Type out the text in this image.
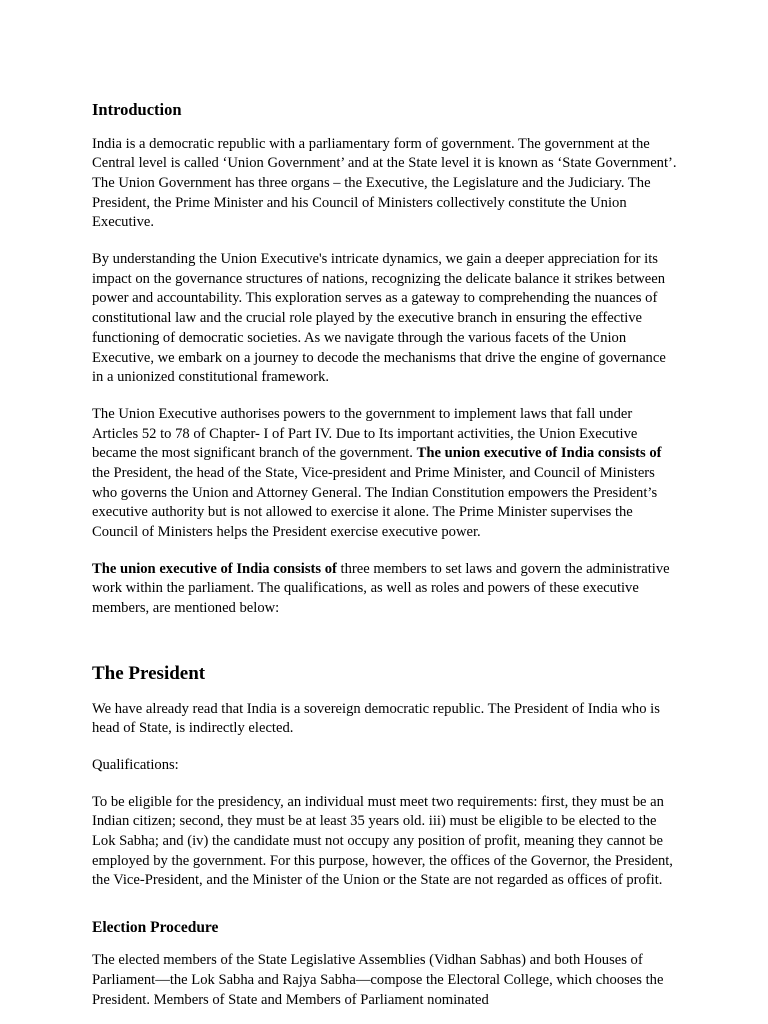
Introduction

India is a democratic republic with a parliamentary form of government. The government at the Central level is called ‘Union Government’ and at the State level it is known as ‘State Government’. The Union Government has three organs – the Executive, the Legislature and the Judiciary. The President, the Prime Minister and his Council of Ministers collectively constitute the Union Executive.

By understanding the Union Executive's intricate dynamics, we gain a deeper appreciation for its impact on the governance structures of nations, recognizing the delicate balance it strikes between power and accountability. This exploration serves as a gateway to comprehending the nuances of constitutional law and the crucial role played by the executive branch in ensuring the effective functioning of democratic societies. As we navigate through the various facets of the Union Executive, we embark on a journey to decode the mechanisms that drive the engine of governance in a unionized constitutional framework.

The Union Executive authorises powers to the government to implement laws that fall under Articles 52 to 78 of Chapter- I of Part IV. Due to Its important activities, the Union Executive became the most significant branch of the government. The union executive of India consists of the President, the head of the State, Vice-president and Prime Minister, and Council of Ministers who governs the Union and Attorney General. The Indian Constitution empowers the President’s executive authority but is not allowed to exercise it alone. The Prime Minister supervises the Council of Ministers helps the President exercise executive power.

The union executive of India consists of three members to set laws and govern the administrative work within the parliament. The qualifications, as well as roles and powers of these executive members, are mentioned below:

The President

We have already read that India is a sovereign democratic republic. The President of India who is head of State, is indirectly elected.

Qualifications:

To be eligible for the presidency, an individual must meet two requirements: first, they must be an Indian citizen; second, they must be at least 35 years old. iii) must be eligible to be elected to the Lok Sabha; and (iv) the candidate must not occupy any position of profit, meaning they cannot be employed by the government. For this purpose, however, the offices of the Governor, the President, the Vice-President, and the Minister of the Union or the State are not regarded as offices of profit.

Election Procedure

The elected members of the State Legislative Assemblies (Vidhan Sabhas) and both Houses of Parliament—the Lok Sabha and Rajya Sabha—compose the Electoral College, which chooses the President. Members of State and Members of Parliament nominated
